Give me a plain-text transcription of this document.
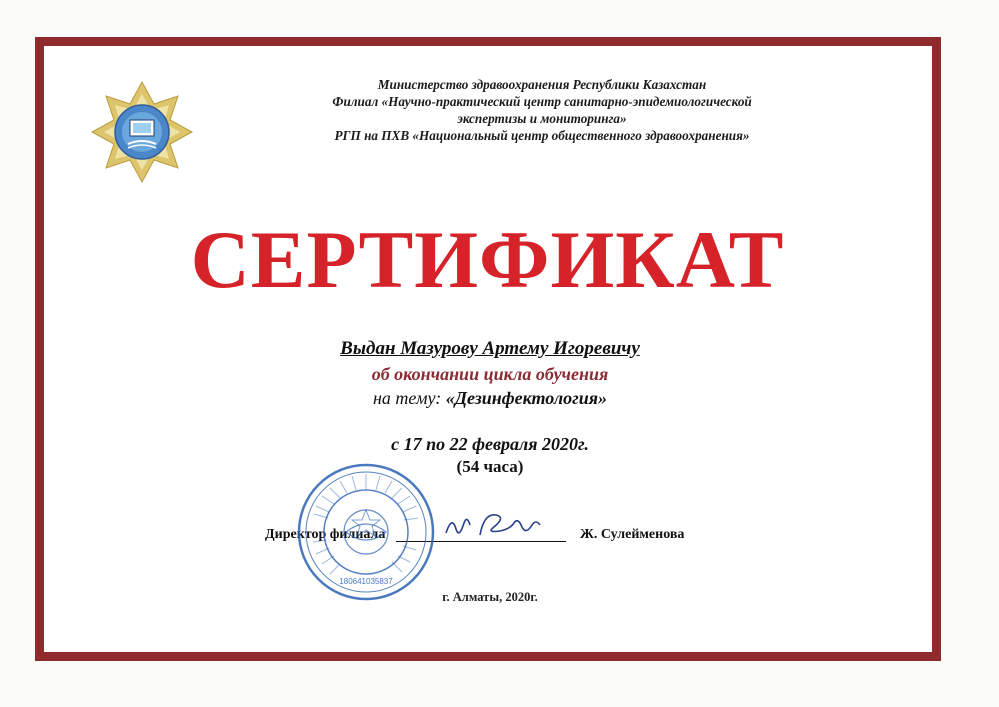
Министерство здравоохранения Республики Казахстан
Филиал «Научно-практический центр санитарно-эпидемиологической
экспертизы и мониторинга»
РГП на ПХВ «Национальный центр общественного здравоохранения»
СЕРТИФИКАТ
Выдан Мазурову Артему Игоревичу
об окончании цикла обучения
на тему: «Дезинфектология»
с 17 по 22 февраля 2020г.
(54 часа)
Директор филиала	Ж. Сулейменова
180641035837
г. Алматы, 2020г.
